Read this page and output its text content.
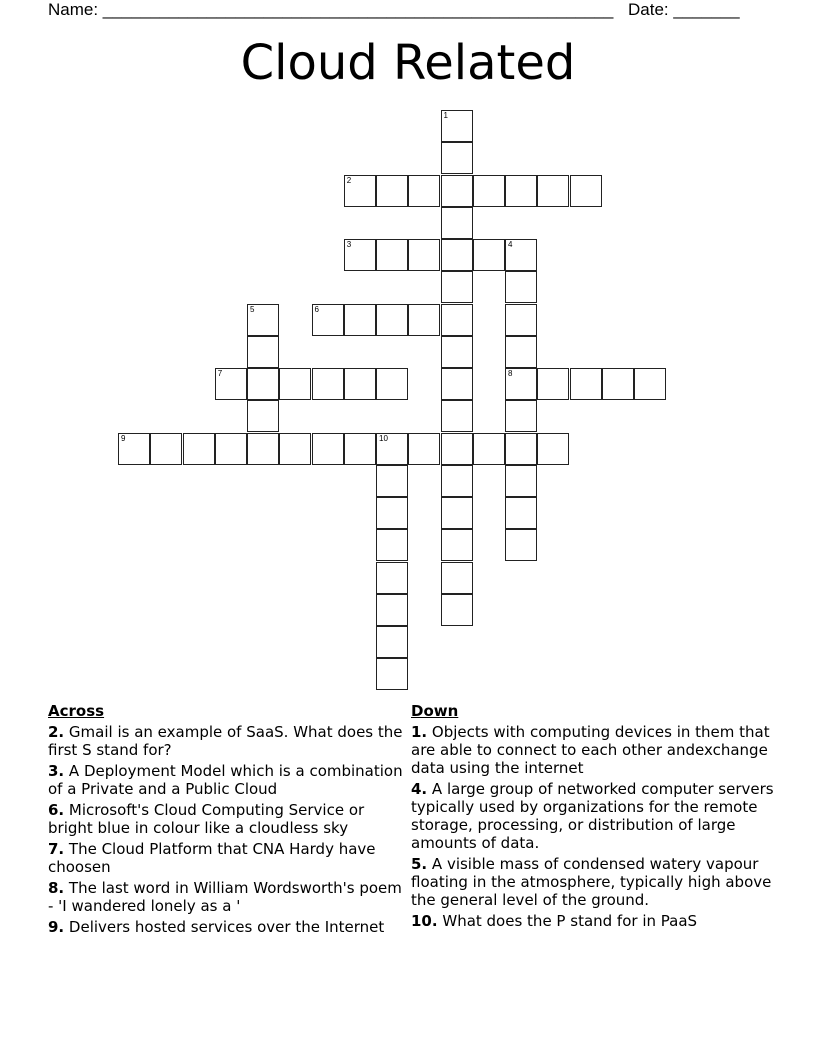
Name: ______________________________________________________ Date: _______
Cloud Related
1
2
3	4
8
5	6
7
9	10
Across
2. Gmail is an example of SaaS. What does the first S stand for?
3. A Deployment Model which is a combination of a Private and a Public Cloud
6. Microsoft's Cloud Computing Service or bright blue in colour like a cloudless sky
7. The Cloud Platform that CNA Hardy have choosen
8. The last word in William Wordsworth's poem - 'I wandered lonely as a '
9. Delivers hosted services over the Internet
Down
1. Objects with computing devices in them that are able to connect to each other andexchange data using the internet
4. A large group of networked computer servers typically used by organizations for the remote storage, processing, or distribution of large amounts of data.
5. A visible mass of condensed watery vapour floating in the atmosphere, typically high above the general level of the ground.
10. What does the P stand for in PaaS
